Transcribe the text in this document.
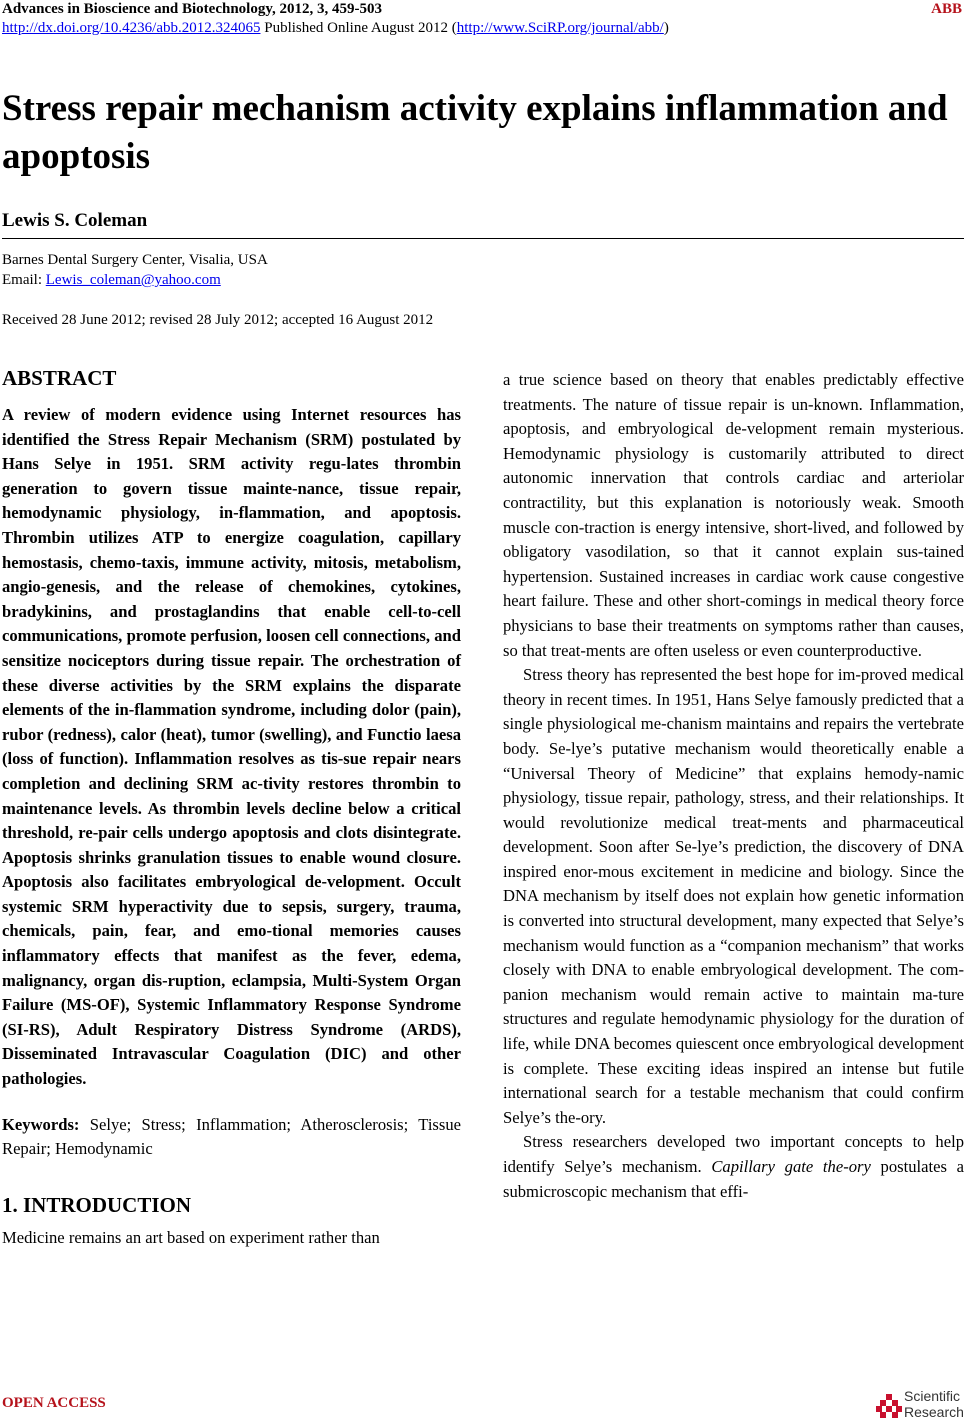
Advances in Bioscience and Biotechnology, 2012, 3, 459-503	ABB
http://dx.doi.org/10.4236/abb.2012.324065 Published Online August 2012 (http://www.SciRP.org/journal/abb/)
Stress repair mechanism activity explains inflammation and apoptosis
Lewis S. Coleman
Barnes Dental Surgery Center, Visalia, USA
Email: Lewis_coleman@yahoo.com
Received 28 June 2012; revised 28 July 2012; accepted 16 August 2012
ABSTRACT

A review of modern evidence using Internet resources has identified the Stress Repair Mechanism (SRM) postulated by Hans Selye in 1951. SRM activity regu-lates thrombin generation to govern tissue mainte-nance, tissue repair, hemodynamic physiology, in-flammation, and apoptosis. Thrombin utilizes ATP to energize coagulation, capillary hemostasis, chemo-taxis, immune activity, mitosis, metabolism, angio-genesis, and the release of chemokines, cytokines, bradykinins, and prostaglandins that enable cell-to-cell communications, promote perfusion, loosen cell connections, and sensitize nociceptors during tissue repair. The orchestration of these diverse activities by the SRM explains the disparate elements of the in-flammation syndrome, including dolor (pain), rubor (redness), calor (heat), tumor (swelling), and Functio laesa (loss of function). Inflammation resolves as tis-sue repair nears completion and declining SRM ac-tivity restores thrombin to maintenance levels. As thrombin levels decline below a critical threshold, re-pair cells undergo apoptosis and clots disintegrate. Apoptosis shrinks granulation tissues to enable wound closure. Apoptosis also facilitates embryological de-velopment. Occult systemic SRM hyperactivity due to sepsis, surgery, trauma, chemicals, pain, fear, and emo-tional memories causes inflammatory effects that manifest as the fever, edema, malignancy, organ dis-ruption, eclampsia, Multi-System Organ Failure (MS-OF), Systemic Inflammatory Response Syndrome (SI-RS), Adult Respiratory Distress Syndrome (ARDS), Disseminated Intravascular Coagulation (DIC) and other pathologies.

Keywords: Selye; Stress; Inflammation; Atherosclerosis; Tissue Repair; Hemodynamic

1. INTRODUCTION

Medicine remains an art based on experiment rather than

a true science based on theory that enables predictably effective treatments. The nature of tissue repair is un-known. Inflammation, apoptosis, and embryological de-velopment remain mysterious. Hemodynamic physiology is customarily attributed to direct autonomic innervation that controls cardiac and arteriolar contractility, but this explanation is notoriously weak. Smooth muscle con-traction is energy intensive, short-lived, and followed by obligatory vasodilation, so that it cannot explain sus-tained hypertension. Sustained increases in cardiac work cause congestive heart failure. These and other short-comings in medical theory force physicians to base their treatments on symptoms rather than causes, so that treat-ments are often useless or even counterproductive.

Stress theory has represented the best hope for im-proved medical theory in recent times. In 1951, Hans Selye famously predicted that a single physiological me-chanism maintains and repairs the vertebrate body. Se-lye’s putative mechanism would theoretically enable a “Universal Theory of Medicine” that explains hemody-namic physiology, tissue repair, pathology, stress, and their relationships. It would revolutionize medical treat-ments and pharmaceutical development. Soon after Se-lye’s prediction, the discovery of DNA inspired enor-mous excitement in medicine and biology. Since the DNA mechanism by itself does not explain how genetic information is converted into structural development, many expected that Selye’s mechanism would function as a “companion mechanism” that works closely with DNA to enable embryological development. The com-panion mechanism would remain active to maintain ma-ture structures and regulate hemodynamic physiology for the duration of life, while DNA becomes quiescent once embryological development is complete. These exciting ideas inspired an intense but futile international search for a testable mechanism that could confirm Selye’s the-ory.

Stress researchers developed two important concepts to help identify Selye’s mechanism. Capillary gate the-ory postulates a submicroscopic mechanism that effi-

OPEN ACCESS	Scientific
Research
